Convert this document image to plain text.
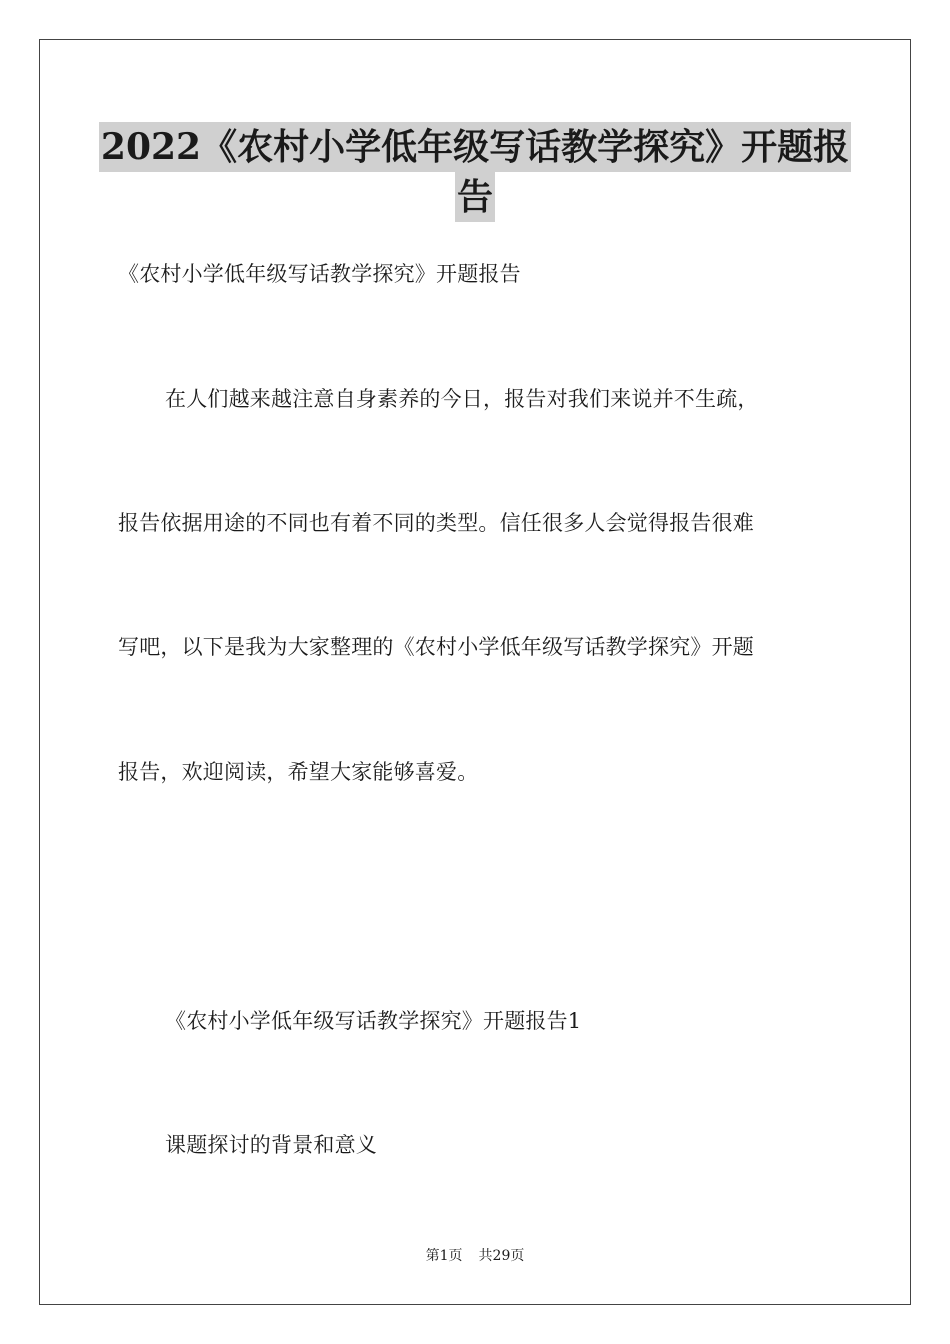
2022《农村小学低年级写话教学探究》开题报
告
《农村小学低年级写话教学探究》开题报告
在人们越来越注意自身素养的今日，报告对我们来说并不生疏，
报告依据用途的不同也有着不同的类型。信任很多人会觉得报告很难
写吧，以下是我为大家整理的《农村小学低年级写话教学探究》开题
报告，欢迎阅读，希望大家能够喜爱。
《农村小学低年级写话教学探究》开题报告1
课题探讨的背景和意义
第1页 共29页
